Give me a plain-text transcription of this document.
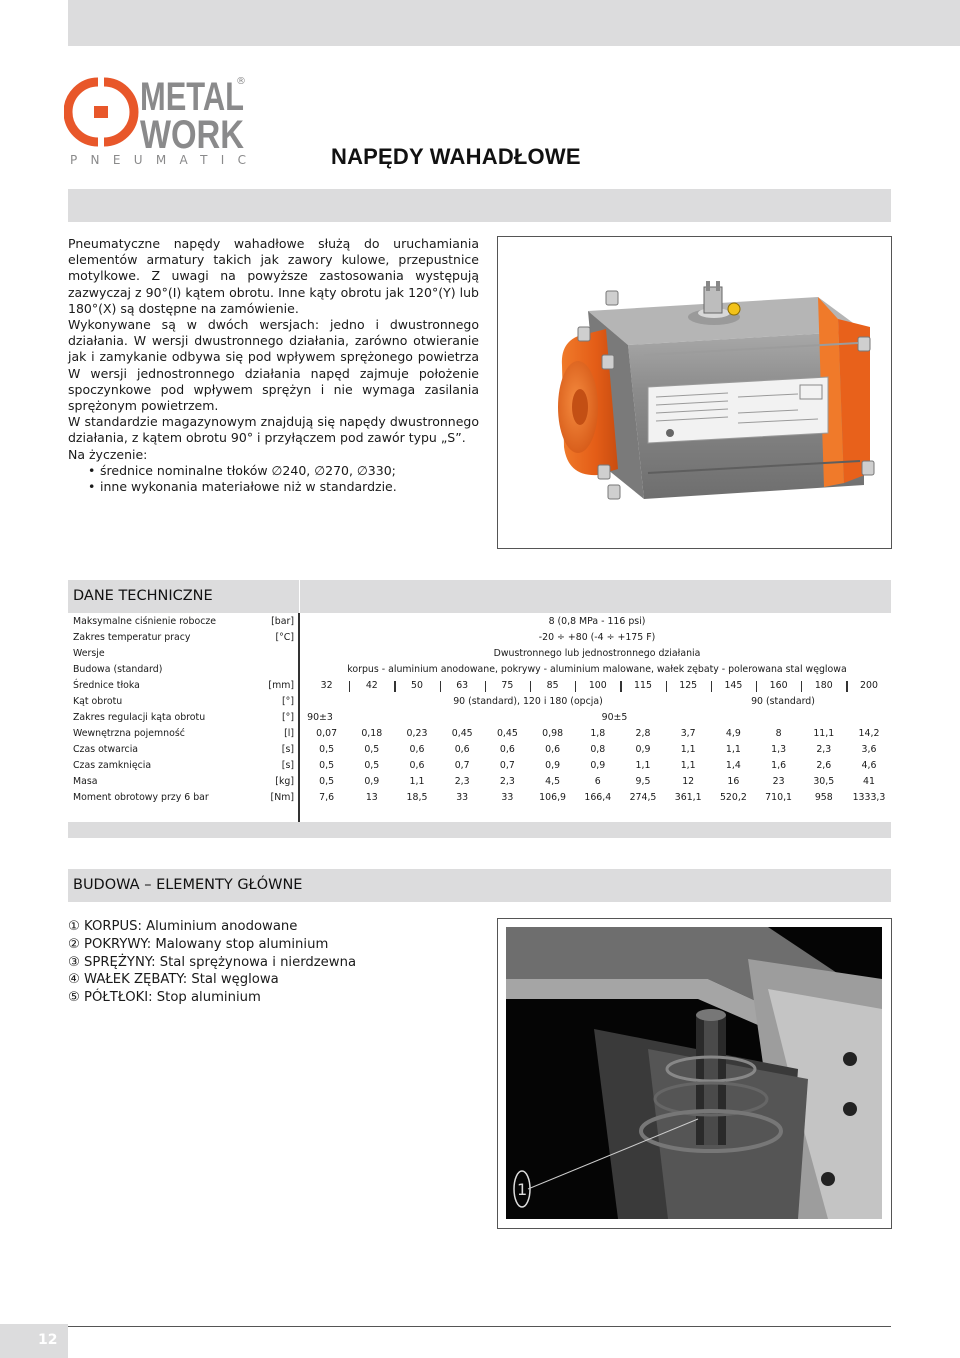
METAL
WORK
®
PNEUMATIC	NAPĘDY WAHADŁOWE

Pneumatyczne napędy wahadłowe służą do uruchamiania elementów armatury takich jak zawory kulowe, przepustnice motylkowe. Z uwagi na powyższe zastosowania występują zazwyczaj z 90°(I) kątem obrotu. Inne kąty obrotu jak 120°(Y) lub 180°(X) są dostępne na zamówienie.

Wykonywane są w dwóch wersjach: jedno i dwustronnego działania. W wersji dwustronnego działania, zarówno otwieranie jak i zamykanie odbywa się pod wpływem sprężonego powietrza W wersji jednostronnego działania napęd zajmuje położenie spoczynkowe pod wpływem sprężyn i nie wymaga zasilania sprężonym powietrzem.

W standardzie magazynowym znajdują się napędy dwustronnego działania, z kątem obrotu 90° i przyłączem pod zawór typu „S”.

Na życzenie:

• średnice nominalne tłoków ∅240, ∅270, ∅330;
• inne wykonania materiałowe niż w standardzie.
DANE TECHNICZNE
Maksymalne ciśnienie robocze	[bar]	8 (0,8 MPa - 116 psi)
Zakres temperatur pracy	[°C]	-20 ÷ +80 (-4 ÷ +175 F)
Wersje	Dwustronnego lub jednostronnego działania
Budowa (standard)	korpus - aluminium anodowane, pokrywy - aluminium malowane, wałek zębaty - polerowana stal węglowa
Średnice tłoka	[mm]	32	42	50	63	75	85	100	115	125	145	160	180	200
Kąt obrotu	[°]	90 (standard), 120 i 180 (opcja)	90 (standard)
Zakres regulacji kąta obrotu	[°]	90±3	90±5
Wewnętrzna pojemność	[l]	0,07	0,18	0,23	0,45	0,45	0,98	1,8	2,8	3,7	4,9	8	11,1	14,2
Czas otwarcia	[s]	0,5	0,5	0,6	0,6	0,6	0,6	0,8	0,9	1,1	1,1	1,3	2,3	3,6
Czas zamknięcia	[s]	0,5	0,5	0,6	0,7	0,7	0,9	0,9	1,1	1,1	1,4	1,6	2,6	4,6
Masa	[kg]	0,5	0,9	1,1	2,3	2,3	4,5	6	9,5	12	16	23	30,5	41
Moment obrotowy przy 6 bar	[Nm]	7,6	13	18,5	33	33	106,9	166,4	274,5	361,1	520,2	710,1	958	1333,3
BUDOWA – ELEMENTY GŁÓWNE
① KORPUS: Aluminium anodowane
② POKRYWY: Malowany stop aluminium
③ SPRĘŻYNY: Stal sprężynowa i nierdzewna
④ WAŁEK ZĘBATY: Stal węglowa
⑤ PÓŁTŁOKI: Stop aluminium
1
12
